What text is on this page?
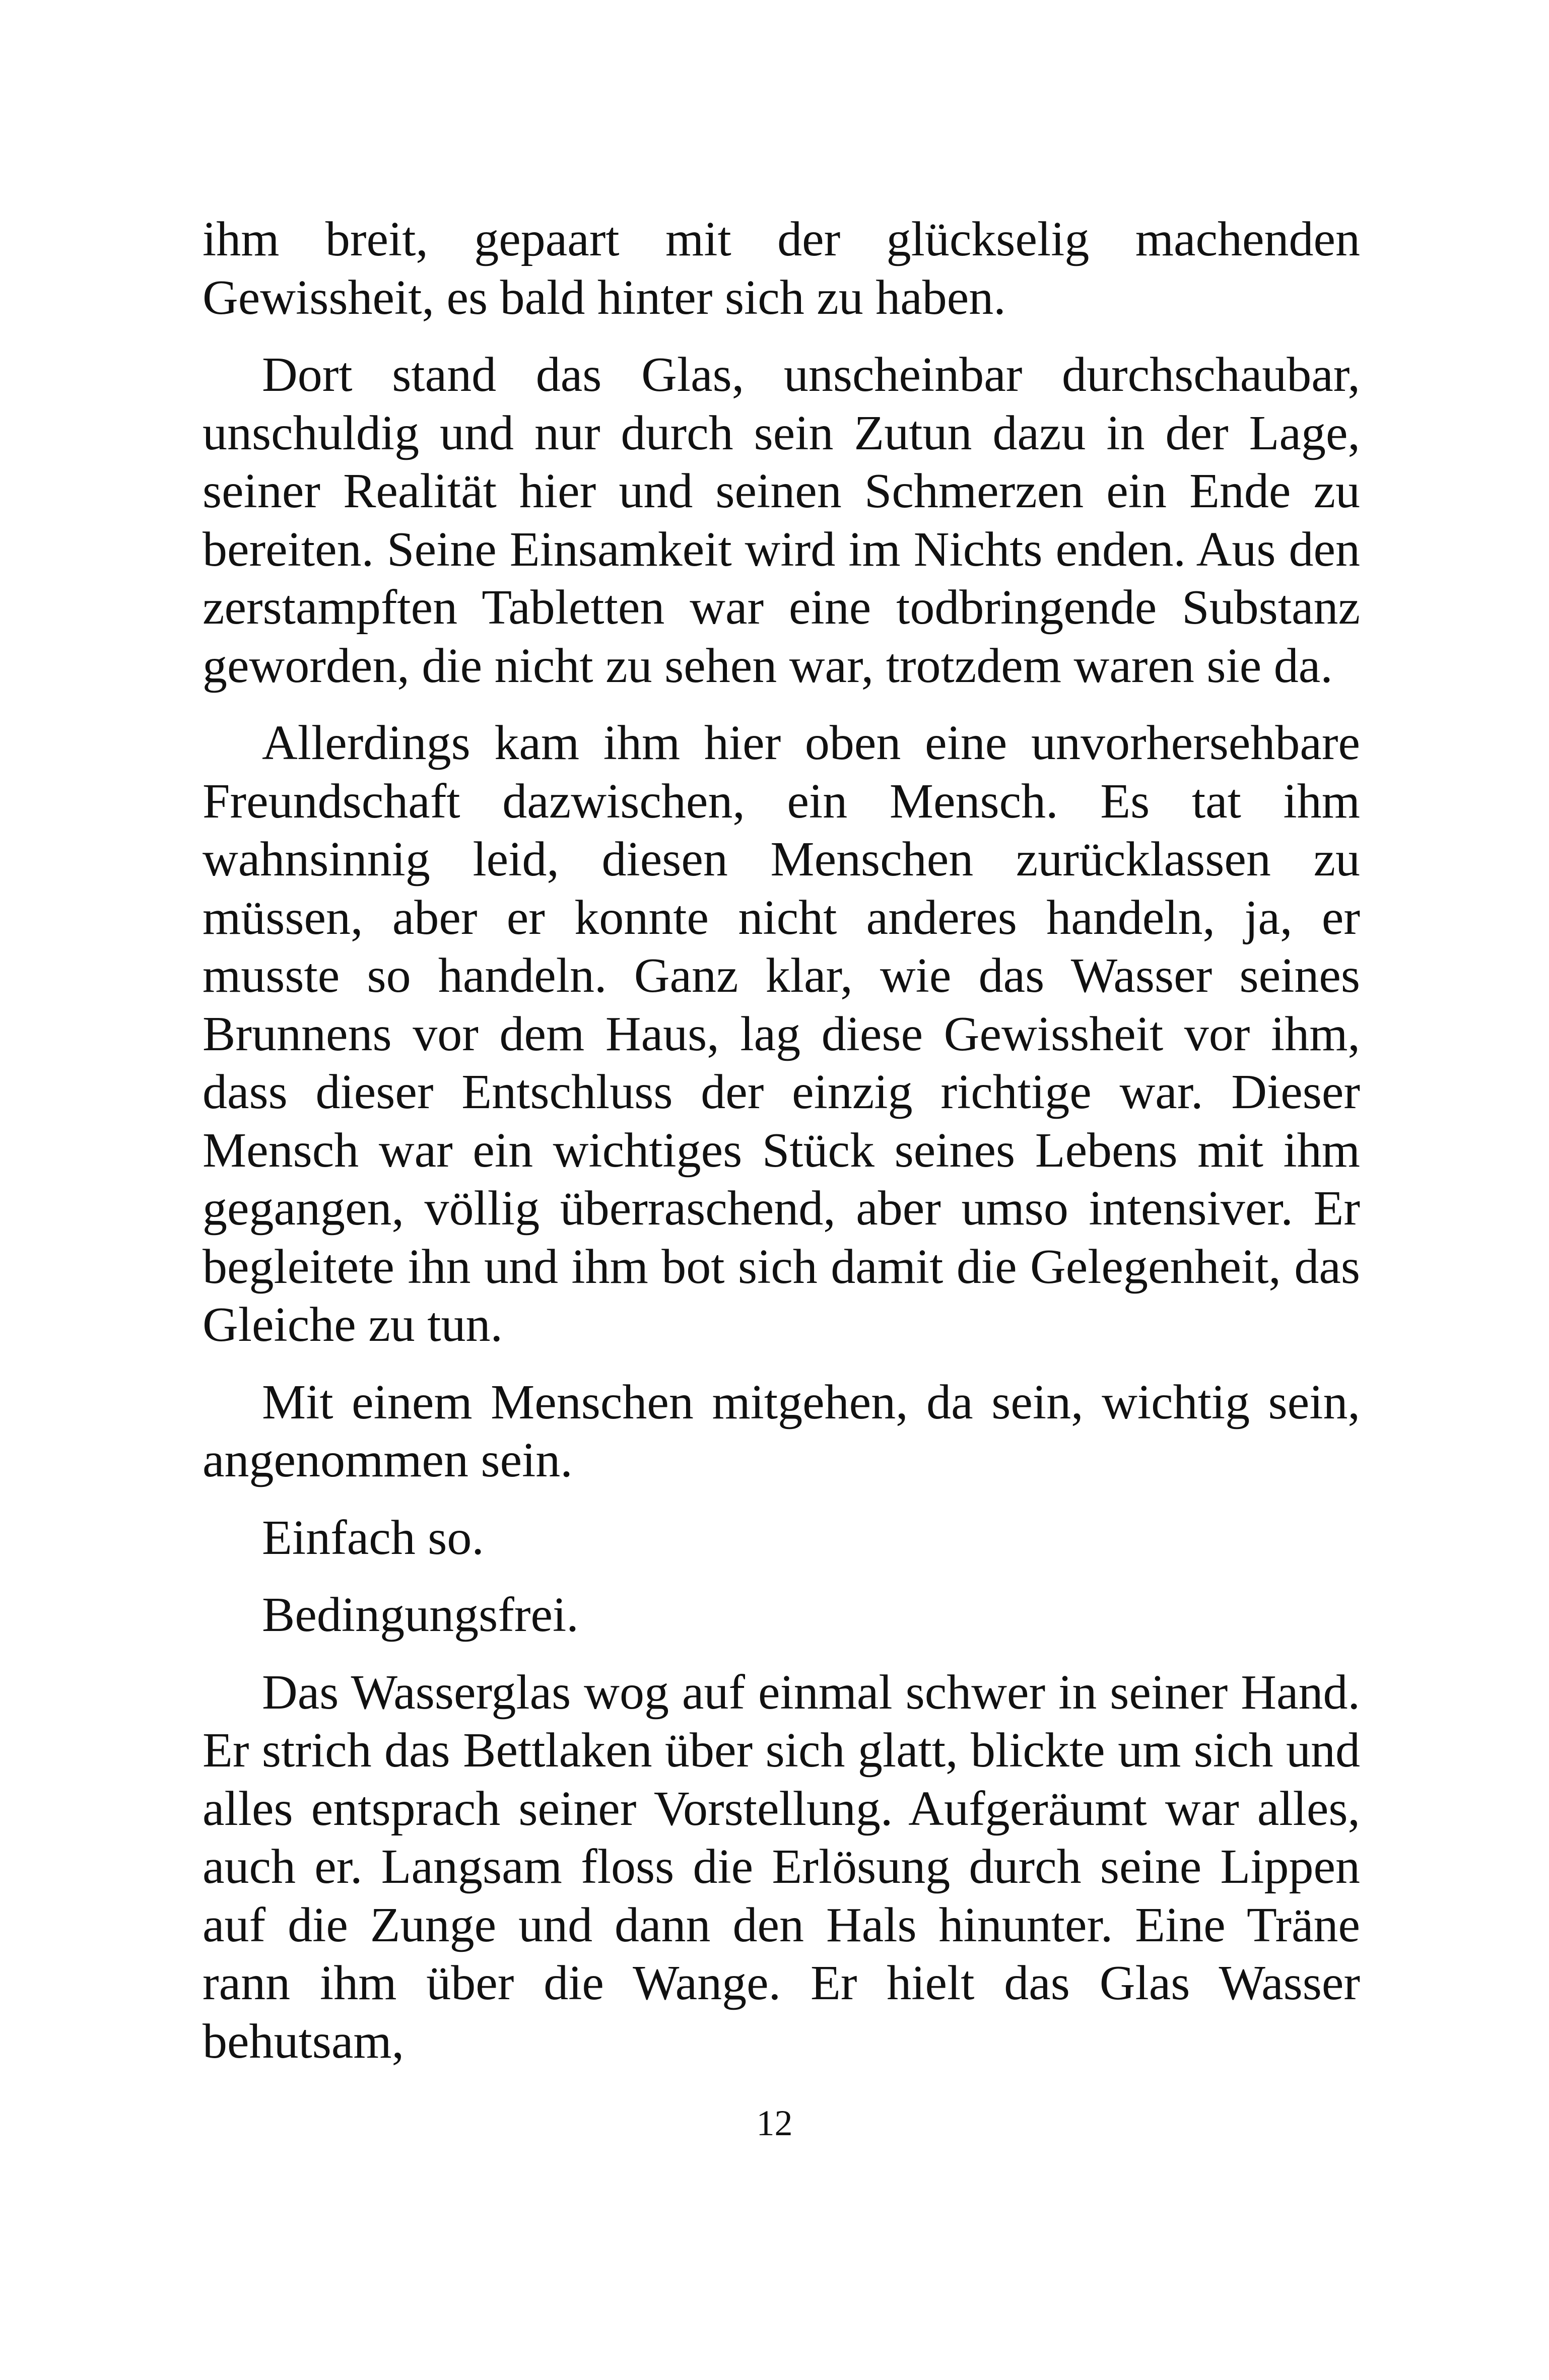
ihm breit, gepaart mit der glückselig machenden Gewissheit, es bald hinter sich zu haben.

Dort stand das Glas, unscheinbar durchschaubar, unschuldig und nur durch sein Zutun dazu in der Lage, seiner Realität hier und seinen Schmerzen ein Ende zu bereiten. Seine Einsamkeit wird im Nichts enden. Aus den zerstampften Tabletten war eine todbringende Substanz geworden, die nicht zu sehen war, trotzdem waren sie da.

Allerdings kam ihm hier oben eine unvorhersehbare Freundschaft dazwischen, ein Mensch. Es tat ihm wahnsinnig leid, diesen Menschen zurücklassen zu müssen, aber er konnte nicht anderes handeln, ja, er musste so handeln. Ganz klar, wie das Wasser seines Brunnens vor dem Haus, lag diese Gewissheit vor ihm, dass dieser Entschluss der einzig richtige war. Dieser Mensch war ein wichtiges Stück seines Lebens mit ihm gegangen, völlig überraschend, aber umso intensiver. Er begleitete ihn und ihm bot sich damit die Gelegenheit, das Gleiche zu tun.

Mit einem Menschen mitgehen, da sein, wichtig sein, angenommen sein.

Einfach so.

Bedingungsfrei.

Das Wasserglas wog auf einmal schwer in seiner Hand. Er strich das Bettlaken über sich glatt, blickte um sich und alles entsprach seiner Vorstellung. Aufgeräumt war alles, auch er. Langsam floss die Erlösung durch seine Lippen auf die Zunge und dann den Hals hinunter. Eine Träne rann ihm über die Wange. Er hielt das Glas Wasser behutsam,

12
